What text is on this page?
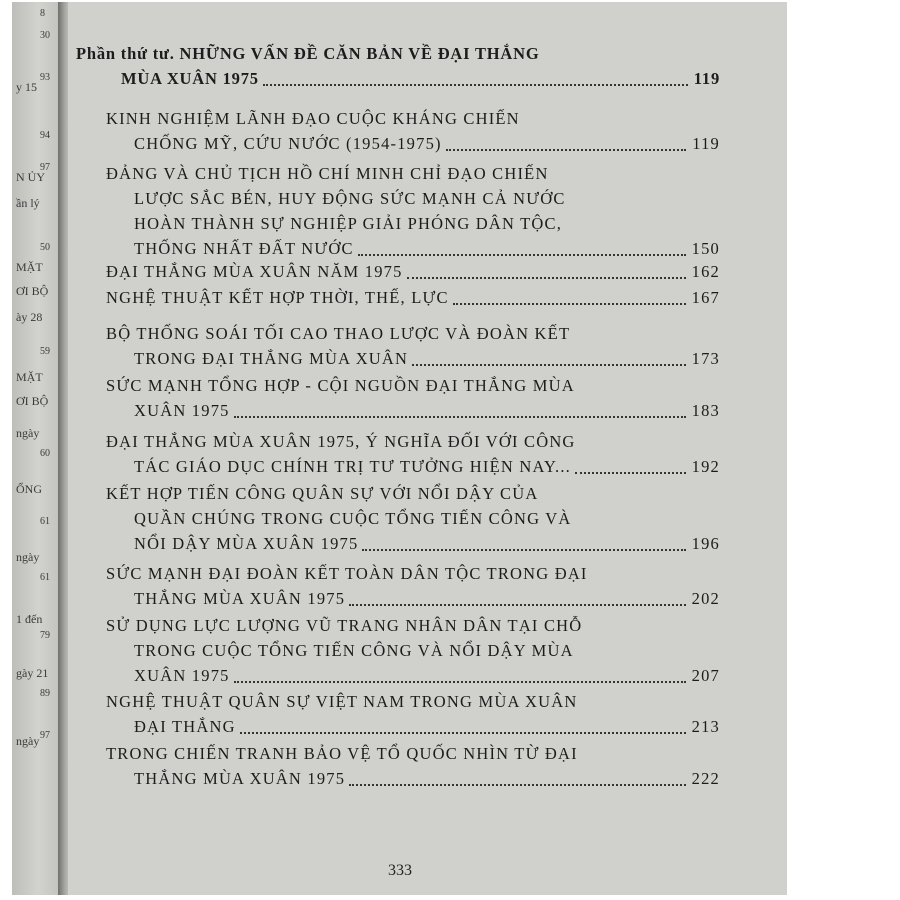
8
30
93
y 15
94
97
N ỦY
ần lý
50
MẶT
ƠI BỘ
ày 28
59
MẶT
ƠI BỘ
ngày
60
ỔNG
61
ngày
61
1 đến
79
gày 21
89
ngày 97
Phần thứ tư. NHỮNG VẤN ĐỀ CĂN BẢN VỀ ĐẠI THẮNG
MÙA XUÂN 1975	119
KINH NGHIỆM LÃNH ĐẠO CUỘC KHÁNG CHIẾN
CHỐNG MỸ, CỨU NƯỚC (1954-1975)	119
ĐẢNG VÀ CHỦ TỊCH HỒ CHÍ MINH CHỈ ĐẠO CHIẾN
LƯỢC SẮC BÉN, HUY ĐỘNG SỨC MẠNH CẢ NƯỚC
HOÀN THÀNH SỰ NGHIỆP GIẢI PHÓNG DÂN TỘC,
THỐNG NHẤT ĐẤT NƯỚC	150
ĐẠI THẮNG MÙA XUÂN NĂM 1975	162
NGHỆ THUẬT KẾT HỢP THỜI, THẾ, LỰC	167
BỘ THỐNG SOÁI TỐI CAO THAO LƯỢC VÀ ĐOÀN KẾT
TRONG ĐẠI THẮNG MÙA XUÂN	173
SỨC MẠNH TỔNG HỢP - CỘI NGUỒN ĐẠI THẮNG MÙA
XUÂN 1975	183
ĐẠI THẮNG MÙA XUÂN 1975, Ý NGHĨA ĐỐI VỚI CÔNG
TÁC GIÁO DỤC CHÍNH TRỊ TƯ TƯỞNG HIỆN NAY...	192
KẾT HỢP TIẾN CÔNG QUÂN SỰ VỚI NỔI DẬY CỦA
QUẦN CHÚNG TRONG CUỘC TỔNG TIẾN CÔNG VÀ
NỔI DẬY MÙA XUÂN 1975	196
SỨC MẠNH ĐẠI ĐOÀN KẾT TOÀN DÂN TỘC TRONG ĐẠI
THẮNG MÙA XUÂN 1975	202
SỬ DỤNG LỰC LƯỢNG VŨ TRANG NHÂN DÂN TẠI CHỖ
TRONG CUỘC TỔNG TIẾN CÔNG VÀ NỔI DẬY MÙA
XUÂN 1975	207
NGHỆ THUẬT QUÂN SỰ VIỆT NAM TRONG MÙA XUÂN
ĐẠI THẮNG	213
TRONG CHIẾN TRANH BẢO VỆ TỔ QUỐC NHÌN TỪ ĐẠI
THẮNG MÙA XUÂN 1975	222
333
